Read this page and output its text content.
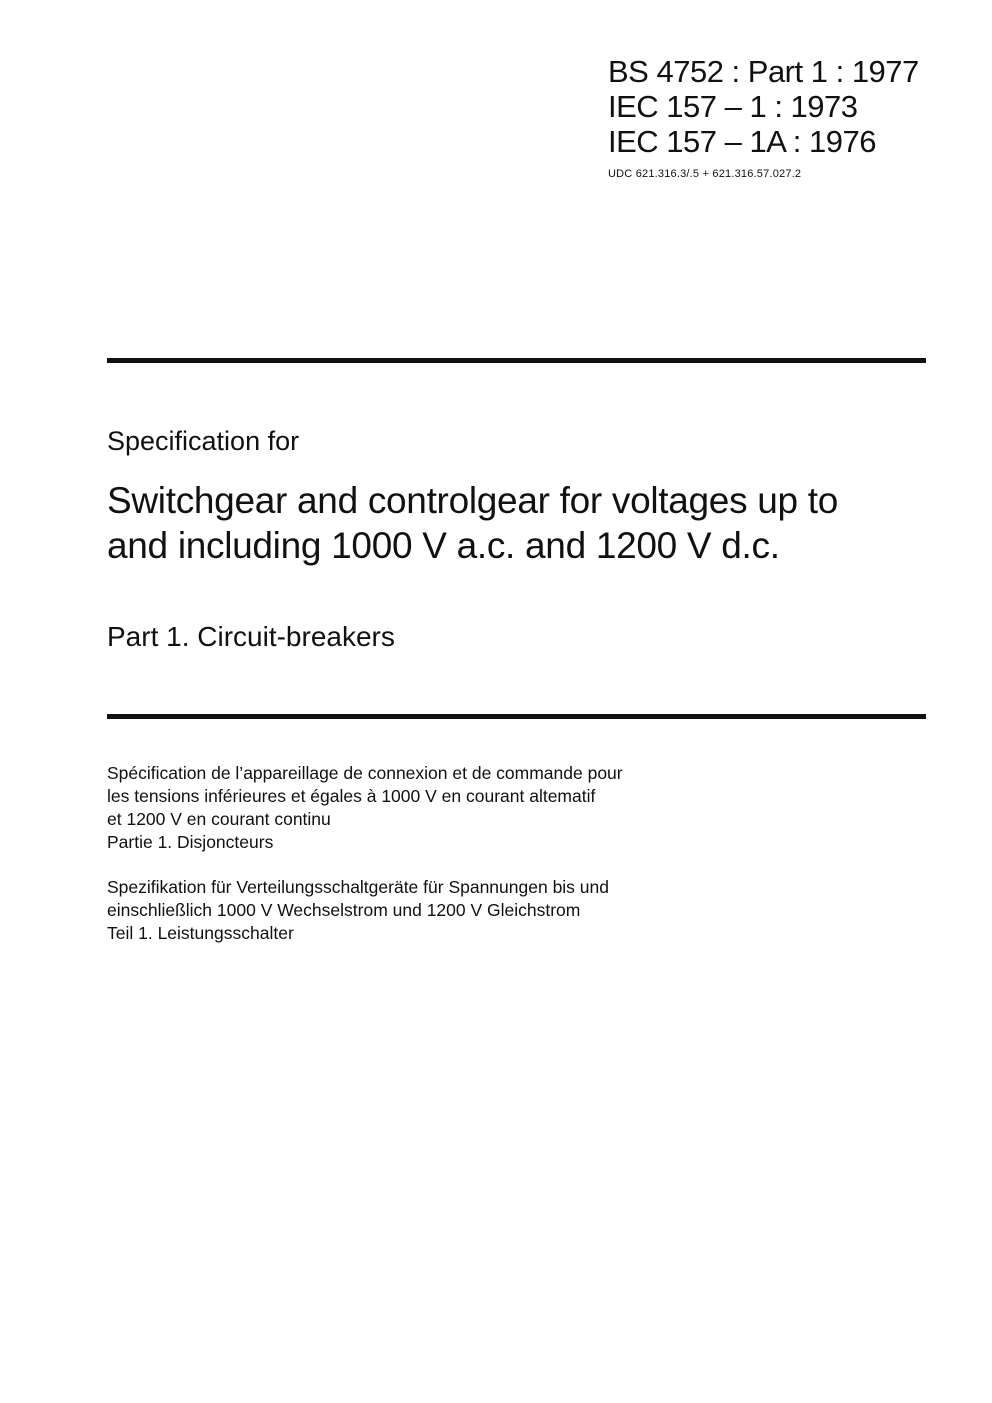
BS 4752 : Part 1 : 1977
IEC 157 – 1 : 1973
IEC 157 – 1A : 1976
UDC 621.316.3/.5 + 621.316.57.027.2
Specification for
Switchgear and controlgear for voltages up to
and including 1000 V a.c. and 1200 V d.c.
Part 1. Circuit-breakers
Spécification de l’appareillage de connexion et de commande pour
les tensions inférieures et égales à 1000 V en courant altematif
et 1200 V en courant continu
Partie 1. Disjoncteurs
Spezifikation für Verteilungsschaltgeräte für Spannungen bis und
einschließlich 1000 V Wechselstrom und 1200 V Gleichstrom
Teil 1. Leistungsschalter
